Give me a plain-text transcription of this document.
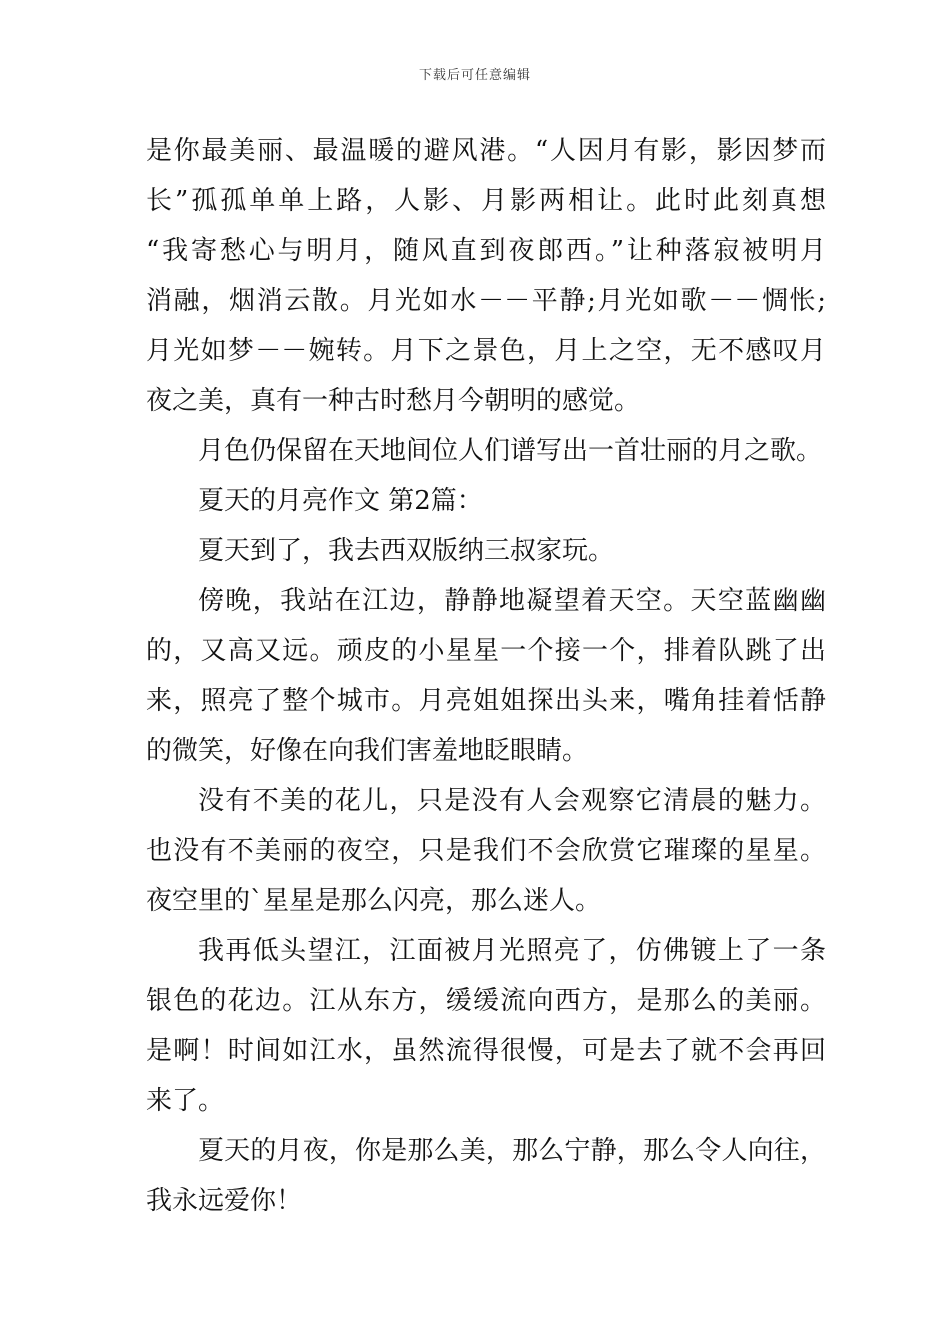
下载后可任意编辑
是你最美丽、最温暖的避风港。“人因月有影，影因梦而
长”孤孤单单上路，人影、月影两相让。此时此刻真想
“我寄愁心与明月，随风直到夜郎西。”让种落寂被明月
消融，烟消云散。月光如水－－平静;月光如歌－－惆怅;
月光如梦－－婉转。月下之景色，月上之空，无不感叹月
夜之美，真有一种古时愁月今朝明的感觉。
月色仍保留在天地间位人们谱写出一首壮丽的月之歌。
夏天的月亮作文 第2篇：
夏天到了，我去西双版纳三叔家玩。
傍晚，我站在江边，静静地凝望着天空。天空蓝幽幽
的，又高又远。顽皮的小星星一个接一个，排着队跳了出
来，照亮了整个城市。月亮姐姐探出头来，嘴角挂着恬静
的微笑，好像在向我们害羞地眨眼睛。
没有不美的花儿，只是没有人会观察它清晨的魅力。
也没有不美丽的夜空，只是我们不会欣赏它璀璨的星星。
夜空里的`星星是那么闪亮，那么迷人。
我再低头望江，江面被月光照亮了，仿佛镀上了一条
银色的花边。江从东方，缓缓流向西方，是那么的美丽。
是啊！时间如江水，虽然流得很慢，可是去了就不会再回
来了。
夏天的月夜，你是那么美，那么宁静，那么令人向往，
我永远爱你！
